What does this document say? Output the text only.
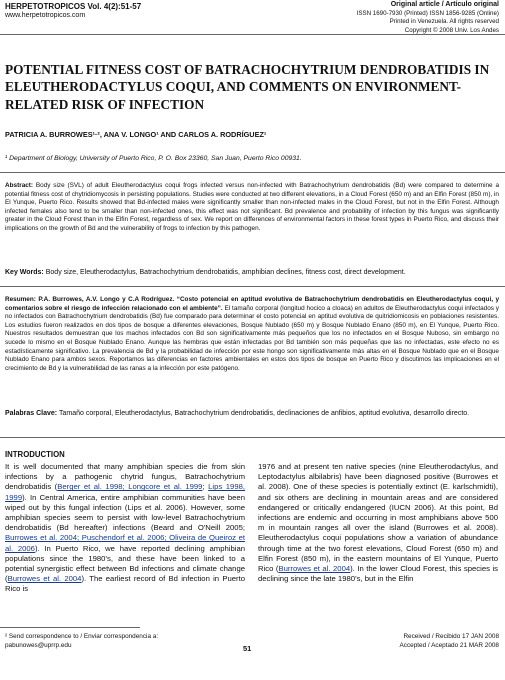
HERPETOTROPICOS Vol. 4(2):51-57
www.herpetotropicos.com
Original article / Artículo original
ISSN 1690-7930 (Printed) ISSN 1856-9285 (Online)
Printed in Venezuela. All rights reserved
Copyright © 2008 Univ. Los Andes
POTENTIAL FITNESS COST OF BATRACHOCHYTRIUM DENDROBATIDIS IN ELEUTHERODACTYLUS COQUI, AND COMMENTS ON ENVIRONMENT-RELATED RISK OF INFECTION
PATRICIA A. BURROWES¹·², ANA V. LONGO¹ AND CARLOS A. RODRÍGUEZ¹
¹ Department of Biology, University of Puerto Rico, P. O. Box 23360, San Juan, Puerto Rico 00931.

Abstract: Body size (SVL) of adult Eleutherodactylus coqui frogs infected versus non-infected with Batrachochytrium dendrobatidis (Bd) were compared to determine a potential fitness cost of chytridiomycosis in persisting populations. Studies were conducted at two different elevations, in a Cloud Forest (650 m) and an Elfin Forest (850 m), in El Yunque, Puerto Rico. Results showed that Bd-infected males were significantly smaller than non-infected males in the Cloud Forest, but not in the Elfin Forest. Although infected females also tend to be smaller than non-infected ones, this effect was not significant. Bd prevalence and probability of infection by this fungus was significantly greater in the Cloud Forest than in the Elfin Forest, regardless of sex. We report on differences of environmental factors in these forest types in Puerto Rico, and discuss their implications on the growth of Bd and the vulnerability of frogs to infection by this pathogen.

Key Words: Body size, Eleutherodactylus, Batrachochytrium dendrobatidis, amphibian declines, fitness cost, direct development.

Resumen: P.A. Burrowes, A.V. Longo y C.A Rodríguez. “Costo potencial en aptitud evolutiva de Batrachochytrium dendrobatidis en Eleutherodactylus coqui, y comentarios sobre el riesgo de infección relacionado con el ambiente”. El tamaño corporal (longitud hocico a cloaca) en adultos de Eleutherodactylus coqui infectados y no infectados con Batrachochytrium dendrobatidis (Bd) fue comparado para determinar el costo potencial en aptitud evolutiva de quitridiomicosis en poblaciones resistentes. Los estudios fueron realizados en dos tipos de bosque a diferentes elevaciones, Bosque Nublado (650 m) y Bosque Nublado Enano (850 m), en El Yunque, Puerto Rico. Nuestros resultados demuestran que los machos infectados con Bd son significativamente más pequeños que los no infectados en el Bosque Nuboso, sin embargo no sucede lo mismo en el Bosque Nublado Enano. Aunque las hembras que están infectadas por Bd también son más pequeñas que las no infectadas, este efecto no es estadísticamente significativo. La prevalencia de Bd y la probabilidad de infección por este hongo son significativamente más altas en el Bosque Nublado que en el Bosque Nublado Enano para ambos sexos. Reportamos las diferencias en factores ambientales en estos dos tipos de bosque en Puerto Rico y discutimos las implicaciones en el crecimiento de Bd y la vulnerabilidad de las ranas a la infección por este patógeno.

Palabras Clave: Tamaño corporal, Eleutherodactylus, Batrachochytrium dendrobatidis, declinaciones de anfibios, aptitud evolutiva, desarrollo directo.

INTRODUCTION

It is well documented that many amphibian species die from skin infections by a pathogenic chytrid fungus, Batrachochytrium dendrobatidis (Berger et al. 1998; Longcore et al. 1999; Lips 1998, 1999). In Central America, entire amphibian communities have been wiped out by this fungal infection (Lips et al. 2006). However, some amphibian species seem to persist with low-level Batrachochytrium dendrobatidis (Bd hereafter) infections (Beard and O'Neill 2005; Burrowes et al. 2004; Puschendorf et al. 2006; Oliveira de Queiroz et al. 2006). In Puerto Rico, we have reported declining amphibian populations since the 1980’s, and these have been linked to a potential synergistic effect between Bd infections and climate change (Burrowes et al. 2004). The earliest record of Bd infection in Puerto Rico is

1976 and at present ten native species (nine Eleutherodactylus, and Leptodactylus albilabris) have been diagnosed positive (Burrowes et al. 2008). One of these species is potentially extinct (E. karlschmidti), and six others are declining in mountain areas and are considered endangered or critically endangered (IUCN 2006). At this point, Bd infections are endemic and occurring in most amphibians above 500 m in mountain ranges all over the island (Burrowes et al. 2008). Eleutherodactylus coqui populations show a variation of abundance through time at the two forest elevations, Cloud Forest (650 m) and Elfin Forest (850 m), in the eastern mountains of El Yunque, Puerto Rico (Burrowes et al. 2004). In the lower Cloud Forest, this species is declining since the late 1980’s, but in the Elfin

² Send correspondence to / Enviar correspondencia a:
pabunowes@uprrp.edu	51
Received / Recibido 17 JAN 2008
Accepted / Aceptado 21 MAR 2008
